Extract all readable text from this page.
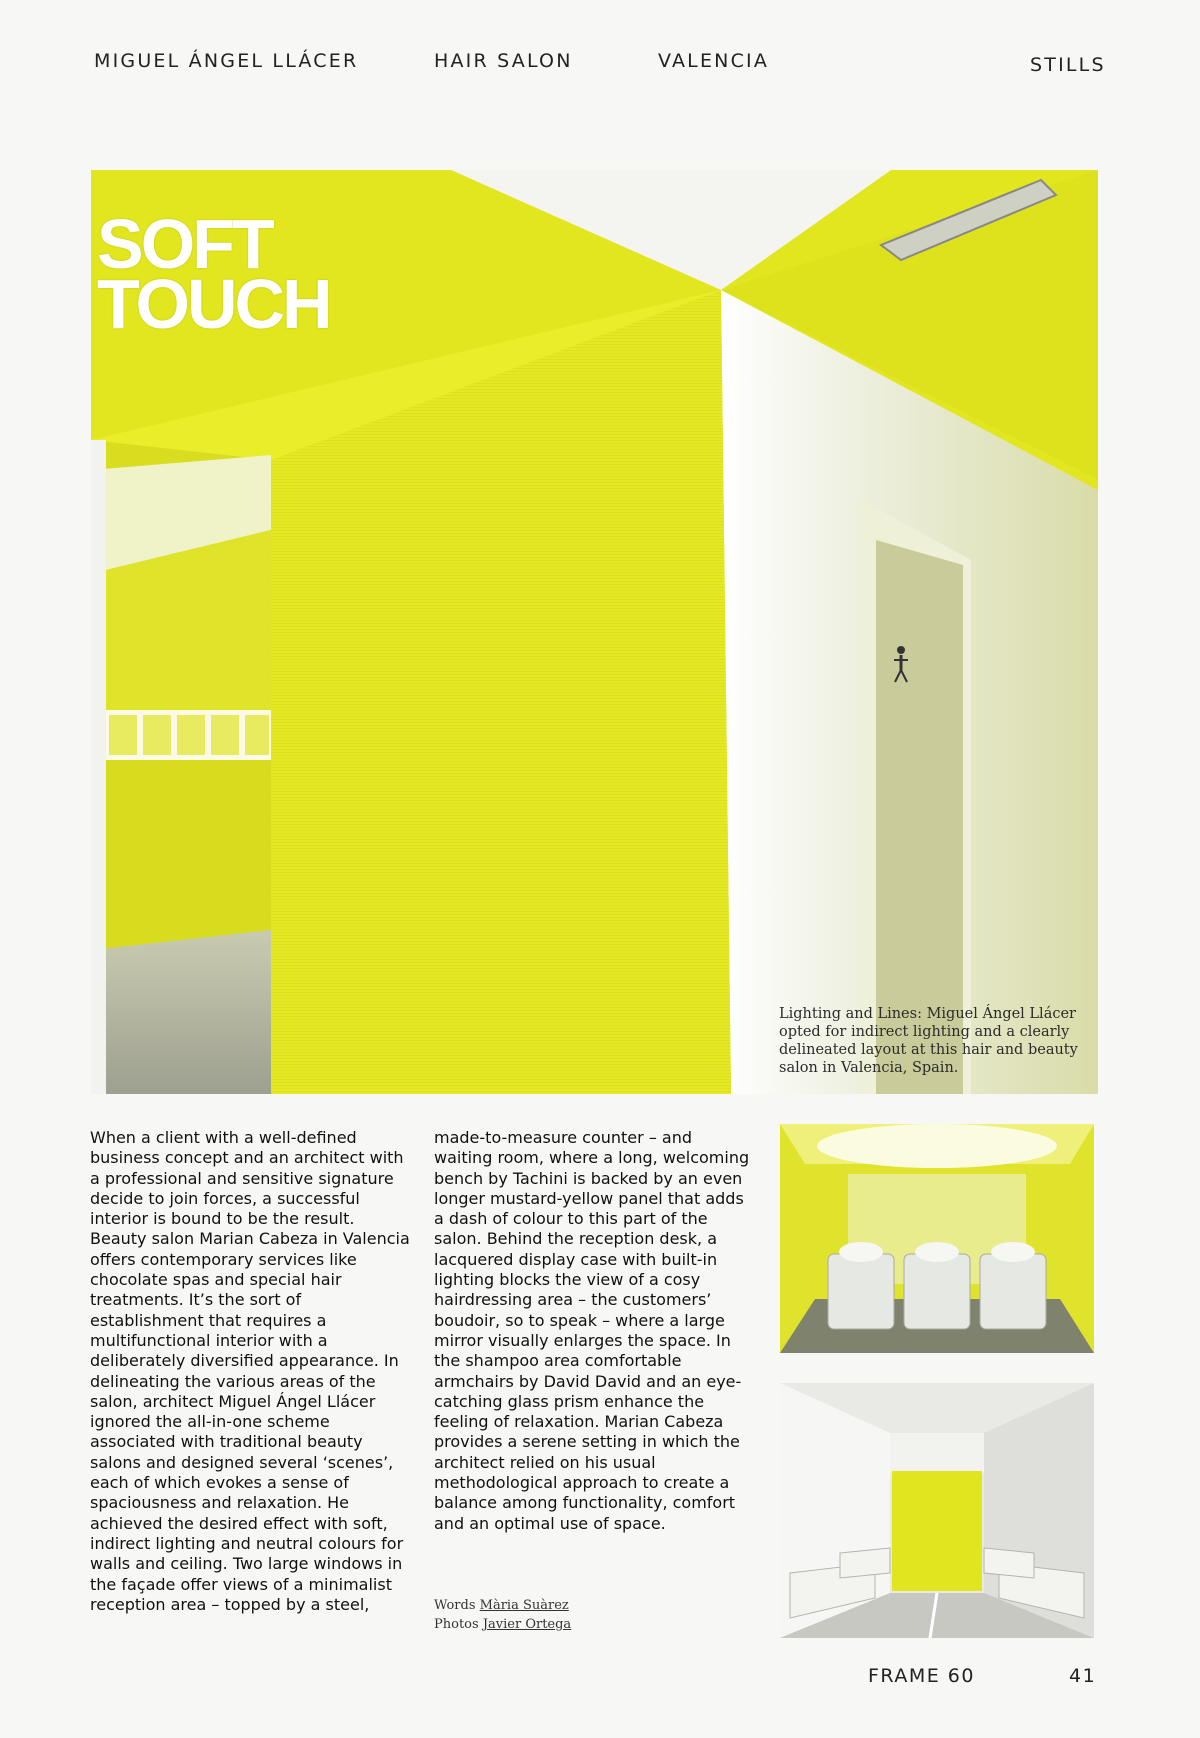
MIGUEL ÁNGEL LLÁCER	HAIR SALON	VALENCIA	STILLS
SOFT
TOUCH
Lighting and Lines: Miguel Ángel Llácer opted for indirect lighting and a clearly delineated layout at this hair and beauty salon in Valencia, Spain.
When a client with a well-defined business concept and an architect with a professional and sensitive signature decide to join forces, a successful interior is bound to be the result. Beauty salon Marian Cabeza in Valencia offers contemporary services like chocolate spas and special hair treatments. It’s the sort of establishment that requires a multifunctional interior with a deliberately diversified appearance. In delineating the various areas of the salon, architect Miguel Ángel Llácer ignored the all-in-one scheme associated with traditional beauty salons and designed several ‘scenes’, each of which evokes a sense of spaciousness and relaxation. He achieved the desired effect with soft, indirect lighting and neutral colours for walls and ceiling. Two large windows in the façade offer views of a minimalist reception area – topped by a steel,
made-to-measure counter – and waiting room, where a long, welcoming bench by Tachini is backed by an even longer mustard-yellow panel that adds a dash of colour to this part of the salon. Behind the reception desk, a lacquered display case with built-in lighting blocks the view of a cosy hairdressing area – the customers’ boudoir, so to speak – where a large mirror visually enlarges the space. In the shampoo area comfortable armchairs by David David and an eye-catching glass prism enhance the feeling of relaxation. Marian Cabeza provides a serene setting in which the architect relied on his usual methodological approach to create a balance among functionality, comfort and an optimal use of space.
Words Mària Suàrez
Photos Javier Ortega
FRAME 60	41
